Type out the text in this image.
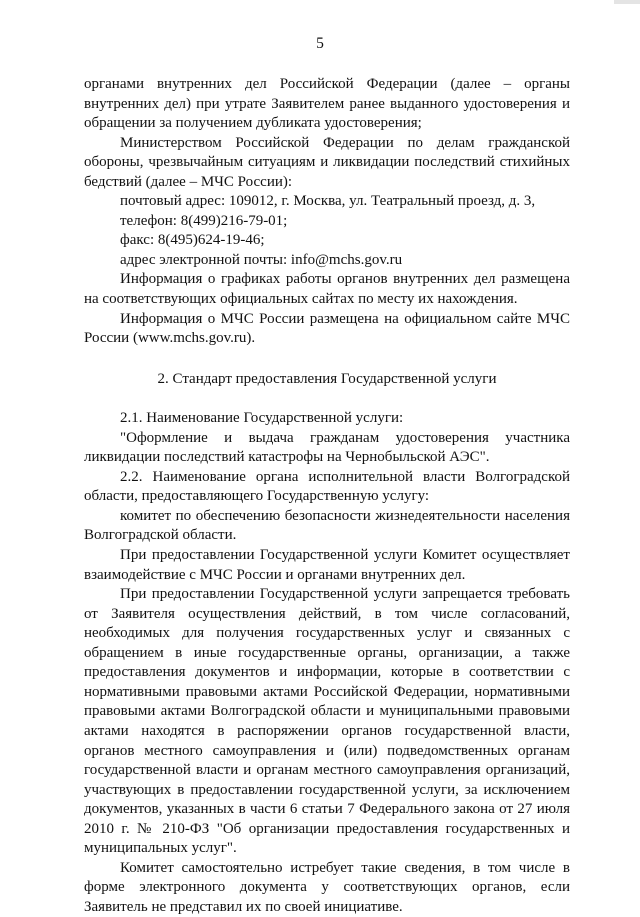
5

органами внутренних дел Российской Федерации (далее – органы внутренних дел) при утрате Заявителем ранее выданного удостоверения и обращении за получением дубликата удостоверения;

Министерством Российской Федерации по делам гражданской обороны, чрезвычайным ситуациям и ликвидации последствий стихийных бедствий (далее – МЧС России):

почтовый адрес: 109012, г. Москва, ул. Театральный проезд, д. 3,

телефон: 8(499)216-79-01;

факс: 8(495)624-19-46;

адрес электронной почты: info@mchs.gov.ru

Информация о графиках работы органов внутренних дел размещена на соответствующих официальных сайтах по месту их нахождения.

Информация о МЧС России размещена на официальном сайте МЧС России (www.mchs.gov.ru).

2. Стандарт предоставления Государственной услуги

2.1. Наименование Государственной услуги:

"Оформление и выдача гражданам удостоверения участника ликвидации последствий катастрофы на Чернобыльской АЭС".

2.2. Наименование органа исполнительной власти Волгоградской области, предоставляющего Государственную услугу:

комитет по обеспечению безопасности жизнедеятельности населения Волгоградской области.

При предоставлении Государственной услуги Комитет осуществляет взаимодействие с МЧС России и органами внутренних дел.

При предоставлении Государственной услуги запрещается требовать от Заявителя осуществления действий, в том числе согласований, необходимых для получения государственных услуг и связанных с обращением в иные государственные органы, организации, а также предоставления документов и информации, которые в соответствии с нормативными правовыми актами Российской Федерации, нормативными правовыми актами Волгоградской области и муниципальными правовыми актами находятся в распоряжении органов государственной власти, органов местного самоуправления и (или) подведомственных органам государственной власти и органам местного самоуправления организаций, участвующих в предоставлении государственной услуги, за исключением документов, указанных в части 6 статьи 7 Федерального закона от 27 июля 2010 г. № 210-ФЗ "Об организации предоставления государственных и муниципальных услуг".

Комитет самостоятельно истребует такие сведения, в том числе в форме электронного документа у соответствующих органов, если Заявитель не представил их по своей инициативе.
